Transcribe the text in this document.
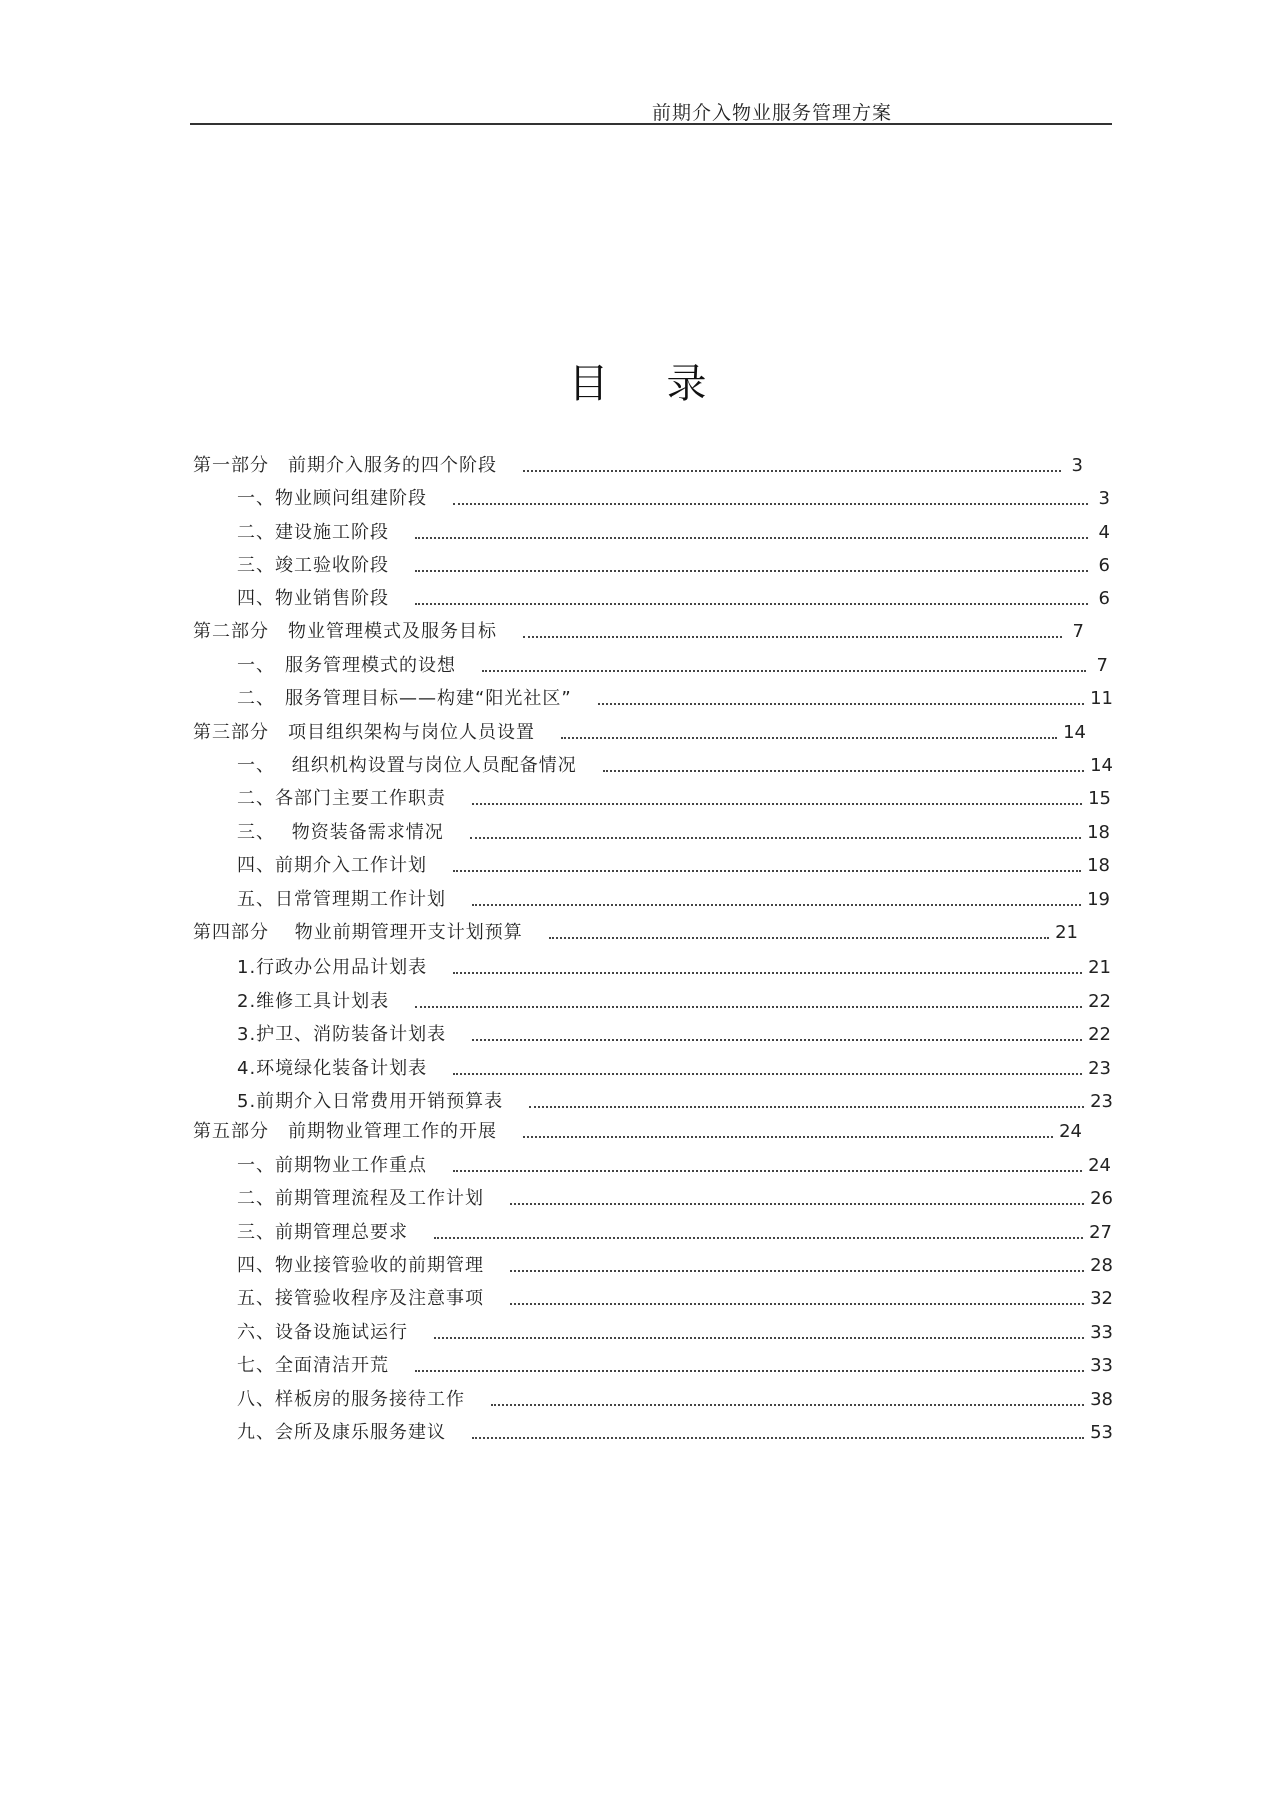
前期介入物业服务管理方案
目 录
第一部分　前期介入服务的四个阶段	3
一、物业顾问组建阶段	3
二、建设施工阶段	4
三、竣工验收阶段	6
四、物业销售阶段	6
第二部分　物业管理模式及服务目标	7
一、　服务管理模式的设想	7
二、　服务管理目标——构建“阳光社区”	11
第三部分　项目组织架构与岗位人员设置	14
一、　 组织机构设置与岗位人员配备情况	14
二、各部门主要工作职责	15
三、　 物资装备需求情况	18
四、前期介入工作计划	18
五、日常管理期工作计划	19
第四部分　 物业前期管理开支计划预算	21
1.行政办公用品计划表	21
2.维修工具计划表	22
3.护卫、消防装备计划表	22
4.环境绿化装备计划表	23
5.前期介入日常费用开销预算表	23
第五部分　前期物业管理工作的开展	24
一、前期物业工作重点	24
二、前期管理流程及工作计划	26
三、前期管理总要求	27
四、物业接管验收的前期管理	28
五、接管验收程序及注意事项	32
六、设备设施试运行	33
七、全面清洁开荒	33
八、样板房的服务接待工作	38
九、会所及康乐服务建议	53
